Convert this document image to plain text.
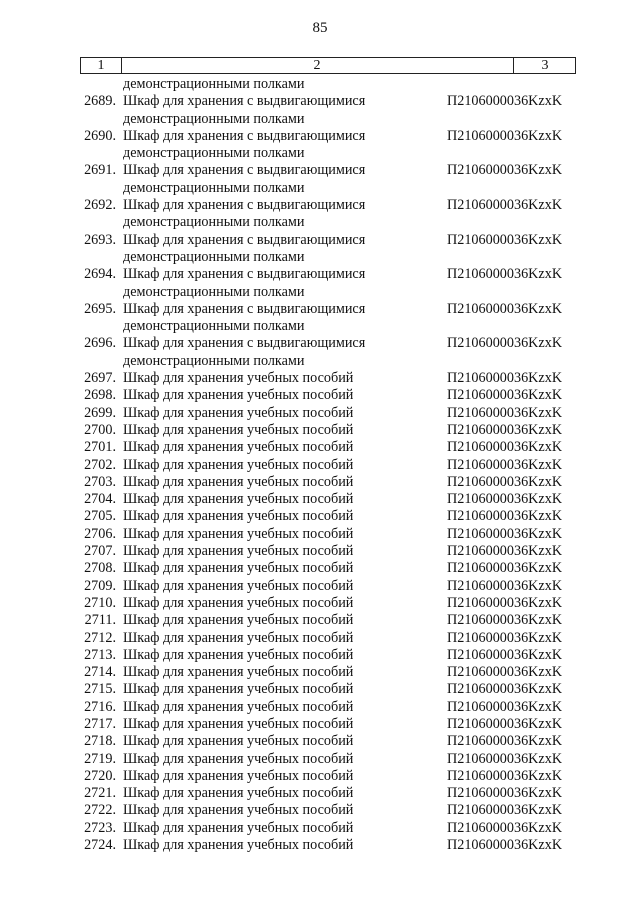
85
1	2	3
демонстрационными полками
2689. Шкаф для хранения с выдвигающимися	П2106000036KzxK
демонстрационными полками
2690. Шкаф для хранения с выдвигающимися	П2106000036KzxK
демонстрационными полками
2691. Шкаф для хранения с выдвигающимися	П2106000036KzxK
демонстрационными полками
2692. Шкаф для хранения с выдвигающимися	П2106000036KzxK
демонстрационными полками
2693. Шкаф для хранения с выдвигающимися	П2106000036KzxK
демонстрационными полками
2694. Шкаф для хранения с выдвигающимися	П2106000036KzxK
демонстрационными полками
2695. Шкаф для хранения с выдвигающимися	П2106000036KzxK
демонстрационными полками
2696. Шкаф для хранения с выдвигающимися	П2106000036KzxK
демонстрационными полками
2697. Шкаф для хранения учебных пособий	П2106000036KzxK
2698. Шкаф для хранения учебных пособий	П2106000036KzxK
2699. Шкаф для хранения учебных пособий	П2106000036KzxK
2700. Шкаф для хранения учебных пособий	П2106000036KzxK
2701. Шкаф для хранения учебных пособий	П2106000036KzxK
2702. Шкаф для хранения учебных пособий	П2106000036KzxK
2703. Шкаф для хранения учебных пособий	П2106000036KzxK
2704. Шкаф для хранения учебных пособий	П2106000036KzxK
2705. Шкаф для хранения учебных пособий	П2106000036KzxK
2706. Шкаф для хранения учебных пособий	П2106000036KzxK
2707. Шкаф для хранения учебных пособий	П2106000036KzxK
2708. Шкаф для хранения учебных пособий	П2106000036KzxK
2709. Шкаф для хранения учебных пособий	П2106000036KzxK
2710. Шкаф для хранения учебных пособий	П2106000036KzxK
2711. Шкаф для хранения учебных пособий	П2106000036KzxK
2712. Шкаф для хранения учебных пособий	П2106000036KzxK
2713. Шкаф для хранения учебных пособий	П2106000036KzxK
2714. Шкаф для хранения учебных пособий	П2106000036KzxK
2715. Шкаф для хранения учебных пособий	П2106000036KzxK
2716. Шкаф для хранения учебных пособий	П2106000036KzxK
2717. Шкаф для хранения учебных пособий	П2106000036KzxK
2718. Шкаф для хранения учебных пособий	П2106000036KzxK
2719. Шкаф для хранения учебных пособий	П2106000036KzxK
2720. Шкаф для хранения учебных пособий	П2106000036KzxK
2721. Шкаф для хранения учебных пособий	П2106000036KzxK
2722. Шкаф для хранения учебных пособий	П2106000036KzxK
2723. Шкаф для хранения учебных пособий	П2106000036KzxK
2724. Шкаф для хранения учебных пособий	П2106000036KzxK
